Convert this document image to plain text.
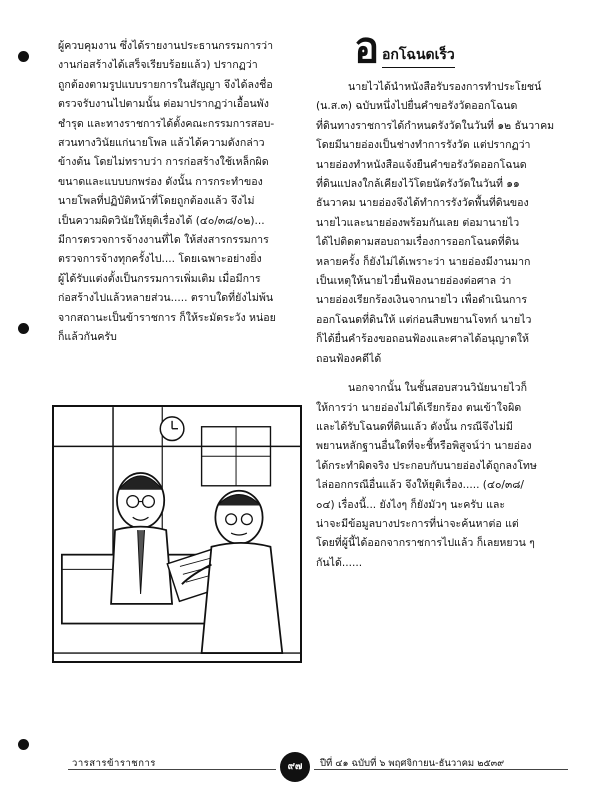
ผู้ควบคุมงาน ซึ่งได้รายงานประธานกรรมการว่า
งานก่อสร้างได้เสร็จเรียบร้อยแล้ว) ปรากฏว่า
ถูกต้องตามรูปแบบรายการในสัญญา จึงได้ลงชื่อ
ตรวจรับงานไปตามนั้น ต่อมาปรากฏว่าเอื้อนพัง
ชำรุด และทางราชการได้ตั้งคณะกรรมการสอบ-
สวนทางวินัยแก่นายโพล แล้วได้ความดังกล่าว
ข้างต้น โดยไม่ทราบว่า การก่อสร้างใช้เหล็กผิด
ขนาดและแบบบกพร่อง ดังนั้น การกระทำของ
นายโพลที่ปฏิบัติหน้าที่โดยถูกต้องแล้ว จึงไม่
เป็นความผิดวินัยให้ยุติเรื่องได้ (๔๐/๓๘/๐๒)...
มีการตรวจการจ้างงานที่ได ให้ส่งสารกรรมการ
ตรวจการจ้างทุกครั้งไป.... โดยเฉพาะอย่างยิ่ง
ผู้ได้รับแต่งตั้งเป็นกรรมการเพิ่มเติม เมื่อมีการ
ก่อสร้างไปแล้วหลายส่วน..... ตราบใดที่ยังไม่พ้น
จากสถานะเป็นข้าราชการ ก็ให้ระมัดระวัง หน่อย
ก็แล้วกันครับ
อ อกโฉนดเร็ว
นายไวได้นำหนังสือรับรองการทำประโยชน์
(น.ส.๓) ฉบับหนึ่งไปยื่นคำขอรังวัดออกโฉนด
ที่ดินทางราชการได้กำหนดรังวัดในวันที่ ๑๒ ธันวาคม
โดยมีนายอ่องเป็นช่างทำการรังวัด แต่ปรากฏว่า
นายอ่องทำหนังสือแจ้งยืนคำขอรังวัดออกโฉนด
ที่ดินแปลงใกล้เคียงไว้โดยนัดรังวัดในวันที่ ๑๑
ธันวาคม นายอ่องจึงได้ทำการรังวัดพื้นที่ดินของ
นายไวและนายอ่องพร้อมกันเลย ต่อมานายไว
ได้ไปติดตามสอบถามเรื่องการออกโฉนดที่ดิน
หลายครั้ง ก็ยังไม่ได้เพราะว่า นายอ่องมีงานมาก
เป็นเหตุให้นายไวยื่นฟ้องนายอ่องต่อศาล ว่า
นายอ่องเรียกร้องเงินจากนายไว เพื่อดำเนินการ
ออกโฉนดที่ดินให้ แต่ก่อนสืบพยานโจทก์ นายไว
ก็ได้ยื่นคำร้องขอถอนฟ้องและศาลได้อนุญาตให้
ถอนฟ้องคดีได้
นอกจากนั้น ในชั้นสอบสวนวินัยนายไวก็
ให้การว่า นายอ่องไม่ได้เรียกร้อง ตนเข้าใจผิด
และได้รับโฉนดที่ดินแล้ว ดังนั้น กรณีจึงไม่มี
พยานหลักฐานอื่นใดที่จะชี้หรือพิสูจน์ว่า นายอ่อง
ได้กระทำผิดจริง ประกอบกับนายอ่องได้ถูกลงโทษ
ไล่ออกกรณีอื่นแล้ว จึงให้ยุติเรื่อง..... (๔๐/๓๘/
๐๔) เรื่องนี้... ยังไงๆ ก็ยังมัวๆ นะครับ และ
น่าจะมีข้อมูลบางประการที่น่าจะค้นหาต่อ แต่
โดยที่ผู้นี้ได้ออกจากราชการไปแล้ว ก็เลยหยวน ๆ
กันได้......
วารสารข้าราชการ	๙๗	ปีที่ ๔๑ ฉบับที่ ๖ พฤศจิกายน-ธันวาคม ๒๕๓๙
